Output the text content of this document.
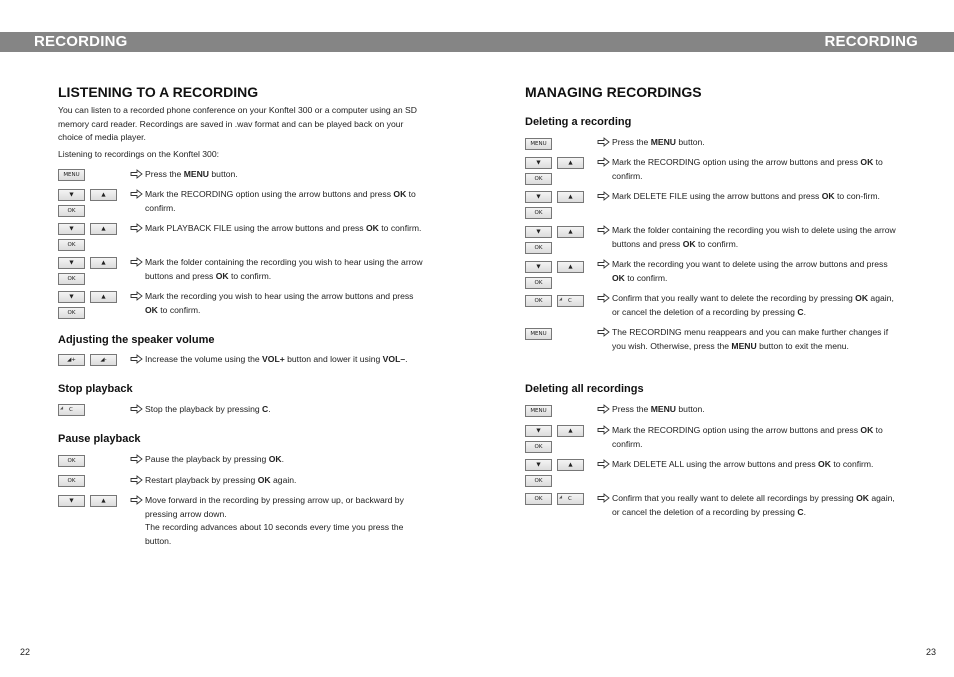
RECORDING	RECORDING
LISTENING TO A RECORDING

You can listen to a recorded phone conference on your Konftel 300 or a computer using an SD memory card reader. Recordings are saved in .wav format and can be played back on your choice of media player.

Listening to recordings on the Konftel 300:

MENU	Press the MENU button.
▼	▲
OK
Mark the RECORDING option using the arrow buttons and press OK to confirm.
▼	▲
OK
Mark PLAYBACK FILE using the arrow buttons and press OK to confirm.
▼	▲
OK
Mark the folder containing the recording you wish to hear using the arrow buttons and press OK to confirm.
▼	▲
OK
Mark the recording you wish to hear using the arrow buttons and press OK to confirm.
Adjusting the speaker volume
◢+	◢-	Increase the volume using the VOL+ button and lower it using VOL–.
Stop playback
◢ C	Stop the playback by pressing C.
Pause playback
OK	Pause the playback by pressing OK.
OK	Restart playback by pressing OK again.
▼	▲	Move forward in the recording by pressing arrow up, or backward by pressing arrow down.
The recording advances about 10 seconds every time you press the button.
22
MANAGING RECORDINGS
Deleting a recording
MENU	Press the MENU button.
▼	▲
OK
Mark the RECORDING option using the arrow buttons and press OK to confirm.
▼	▲
OK
Mark DELETE FILE using the arrow buttons and press OK to con-firm.
▼	▲
OK
Mark the folder containing the recording you wish to delete using the arrow buttons and press OK to confirm.
▼	▲
OK
Mark the recording you want to delete using the arrow buttons and press OK to confirm.
OK	◢ C	Confirm that you really want to delete the recording by pressing OK again, or cancel the deletion of a recording by pressing C.
MENU	The RECORDING menu reappears and you can make further changes if you wish. Otherwise, press the MENU button to exit the menu.
Deleting all recordings
MENU	Press the MENU button.
▼	▲
OK
Mark the RECORDING option using the arrow buttons and press OK to confirm.
▼	▲
OK
Mark DELETE ALL using the arrow buttons and press OK to confirm.
OK	◢ C	Confirm that you really want to delete all recordings by pressing OK again, or cancel the deletion of a recording by pressing C.
23
